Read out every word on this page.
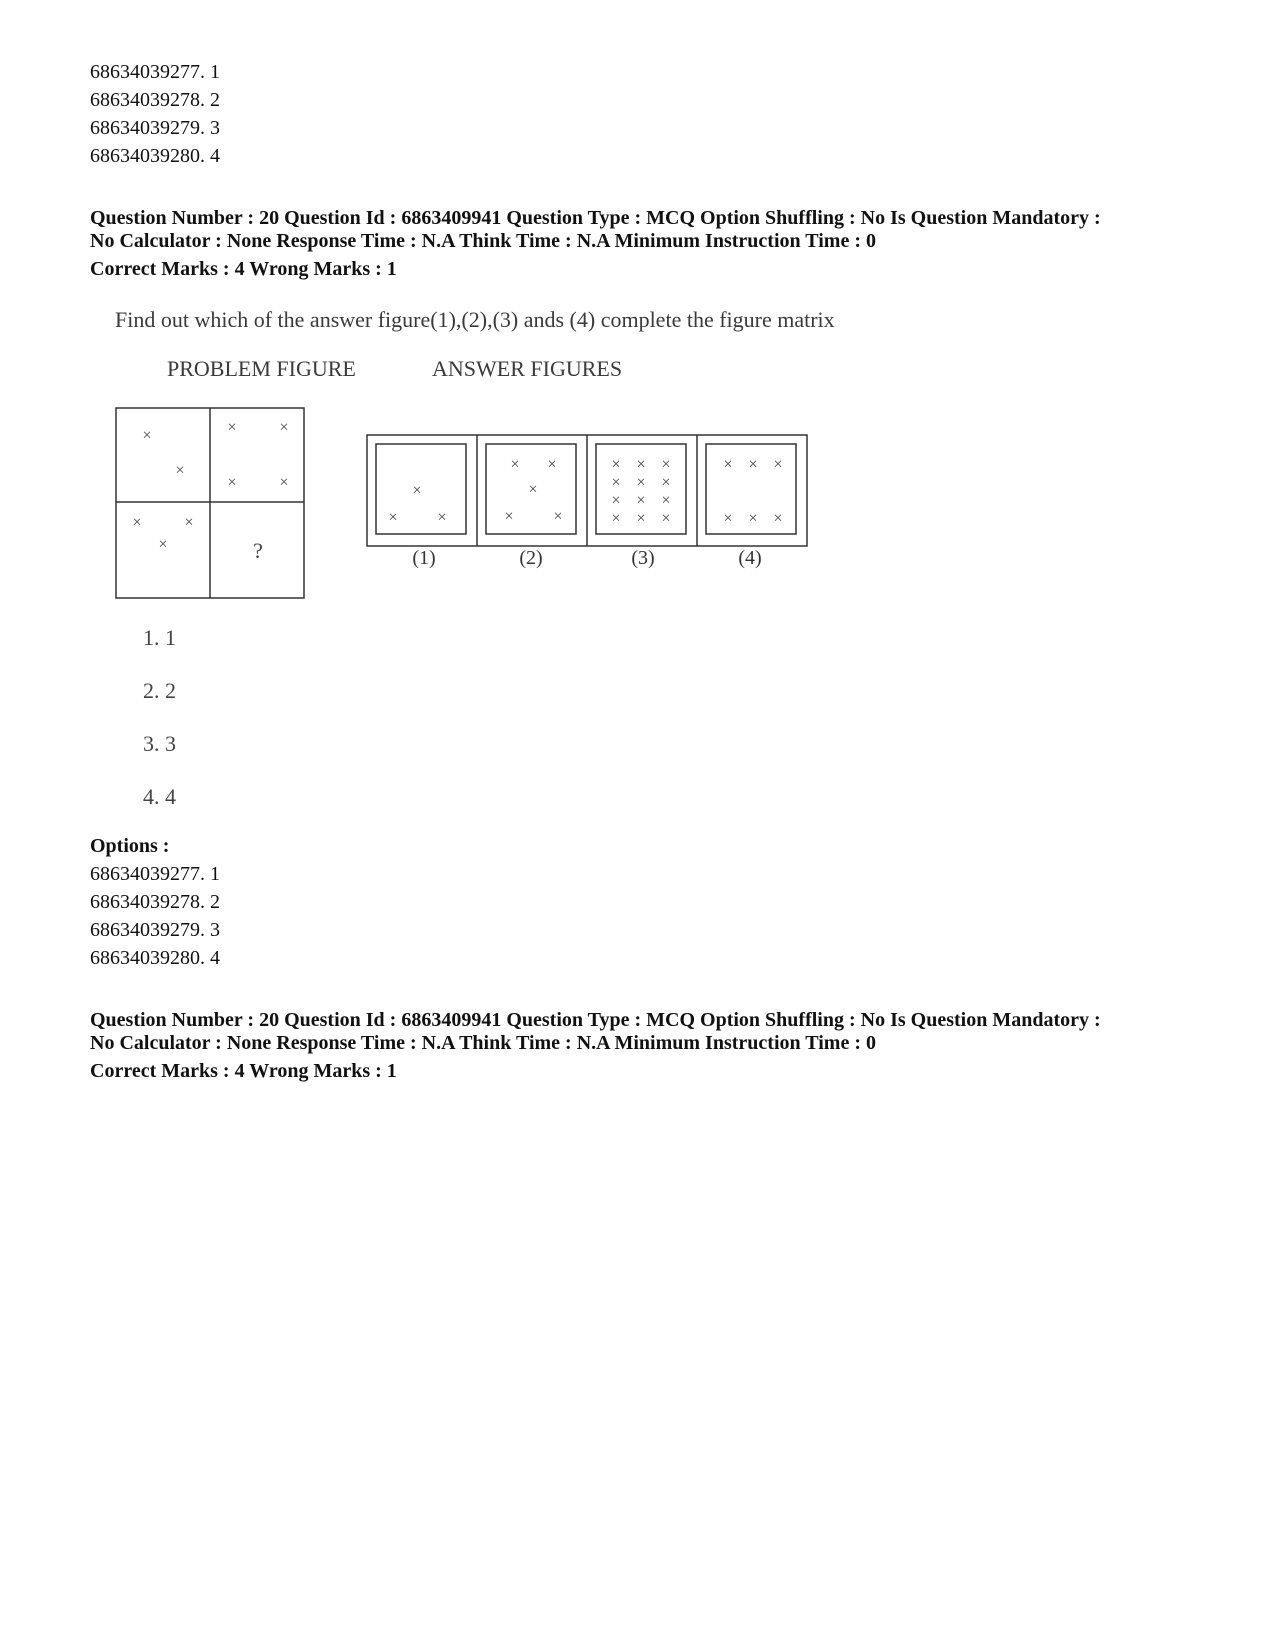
68634039277. 1
68634039278. 2
68634039279. 3
68634039280. 4
Question Number : 20 Question Id : 6863409941 Question Type : MCQ Option Shuffling : No Is Question Mandatory :
No Calculator : None Response Time : N.A Think Time : N.A Minimum Instruction Time : 0
Correct Marks : 4 Wrong Marks : 1
Find out which of the answer figure(1),(2),(3) ands (4) complete the figure matrix
PROBLEM FIGURE	ANSWER FIGURES
×
×
×	×
×	×
×	×
×	?
×
× ×
× ×
×
× ×
× × ×
× × ×
× × ×
× × ×
× × ×
× × ×
(1)	(2)	(3)	(4)
1. 1
2. 2
3. 3
4. 4
Options :
68634039277. 1
68634039278. 2
68634039279. 3
68634039280. 4
Question Number : 20 Question Id : 6863409941 Question Type : MCQ Option Shuffling : No Is Question Mandatory :
No Calculator : None Response Time : N.A Think Time : N.A Minimum Instruction Time : 0
Correct Marks : 4 Wrong Marks : 1
